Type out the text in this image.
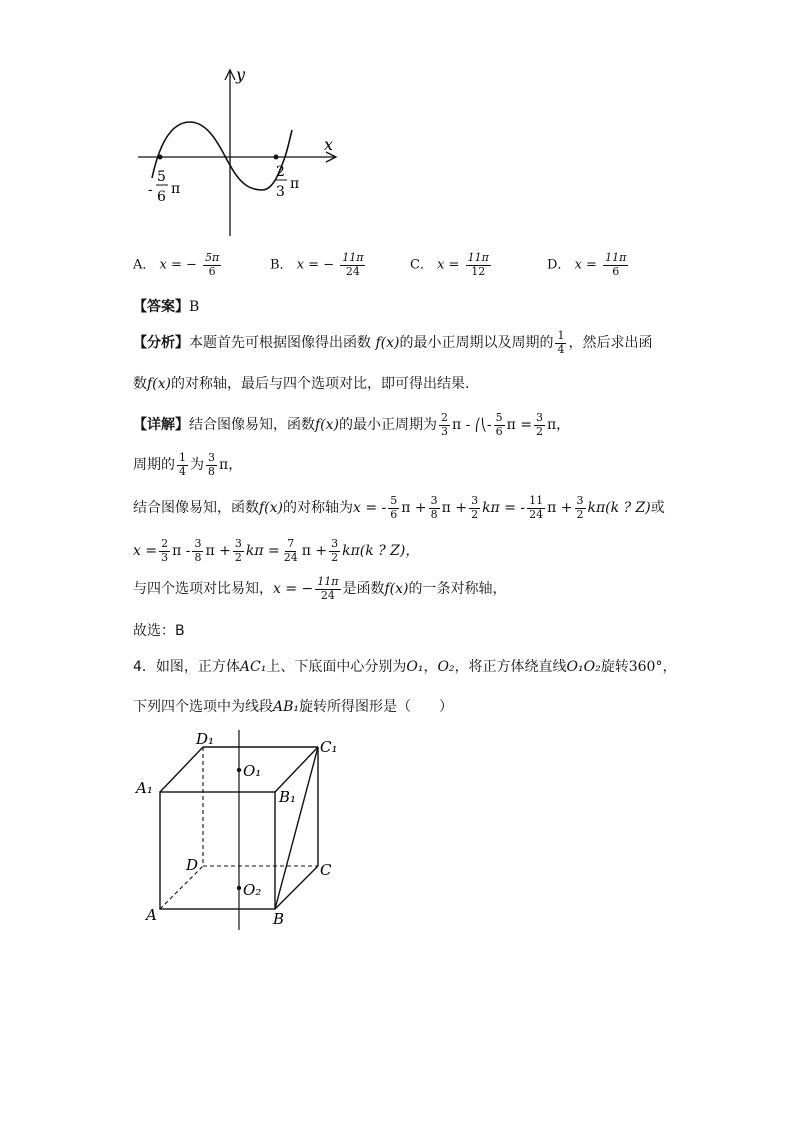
y
x
-
5
6 π
2
3 π
A． x = − $\frac{5\pi}{6}$	B． x = − $\frac{11\pi}{24}$	C． $x = \frac{11\pi}{12}$	D． $x = \frac{11\pi}{6}$
【答案】B
【分析】本题首先可根据图像得出函数 f(x)的最小正周期以及周期的 $\frac{1}{4}$ ，然后求出函
数f(x)的对称轴，最后与四个选项对比，即可得出结果.
【详解】结合图像易知，函数f(x)的最小正周期为 $\frac{2}{3}$ π - ⎛⎝- $\frac{5}{6}$ $\pi = \frac{3}{2}$ π，
周期的 $\frac{1}{4}$ 为 $\frac{3}{8}$ π，
结合图像易知，函数f(x)的对称轴为x = - $\frac{5}{6}$ $\pi + \frac{3}{8}$ $\pi + \frac{3}{2}$ kπ = - $\frac{11}{24}$ $\pi + \frac{3}{2} k\pi(k$ ? Z)或
$x = \frac{2}{3}$ π - $\frac{3}{8}$ $\pi + \frac{3}{2}$ $k\pi = \frac{7}{24}$ $\pi + \frac{3}{2} k\pi(k$ ? Z)，
与四个选项对比易知，x = − $\frac{11\pi}{24}$ 是函数f(x)的一条对称轴，
故选：B
4．如图，正方体AC₁上、下底面中心分别为O₁，O₂，将正方体绕直线O₁O₂旋转360°，
下列四个选项中为线段AB₁旋转所得图形是（　　）
D₁	C₁
O₁
A₁	B₁
D	C
O₂
A	B
